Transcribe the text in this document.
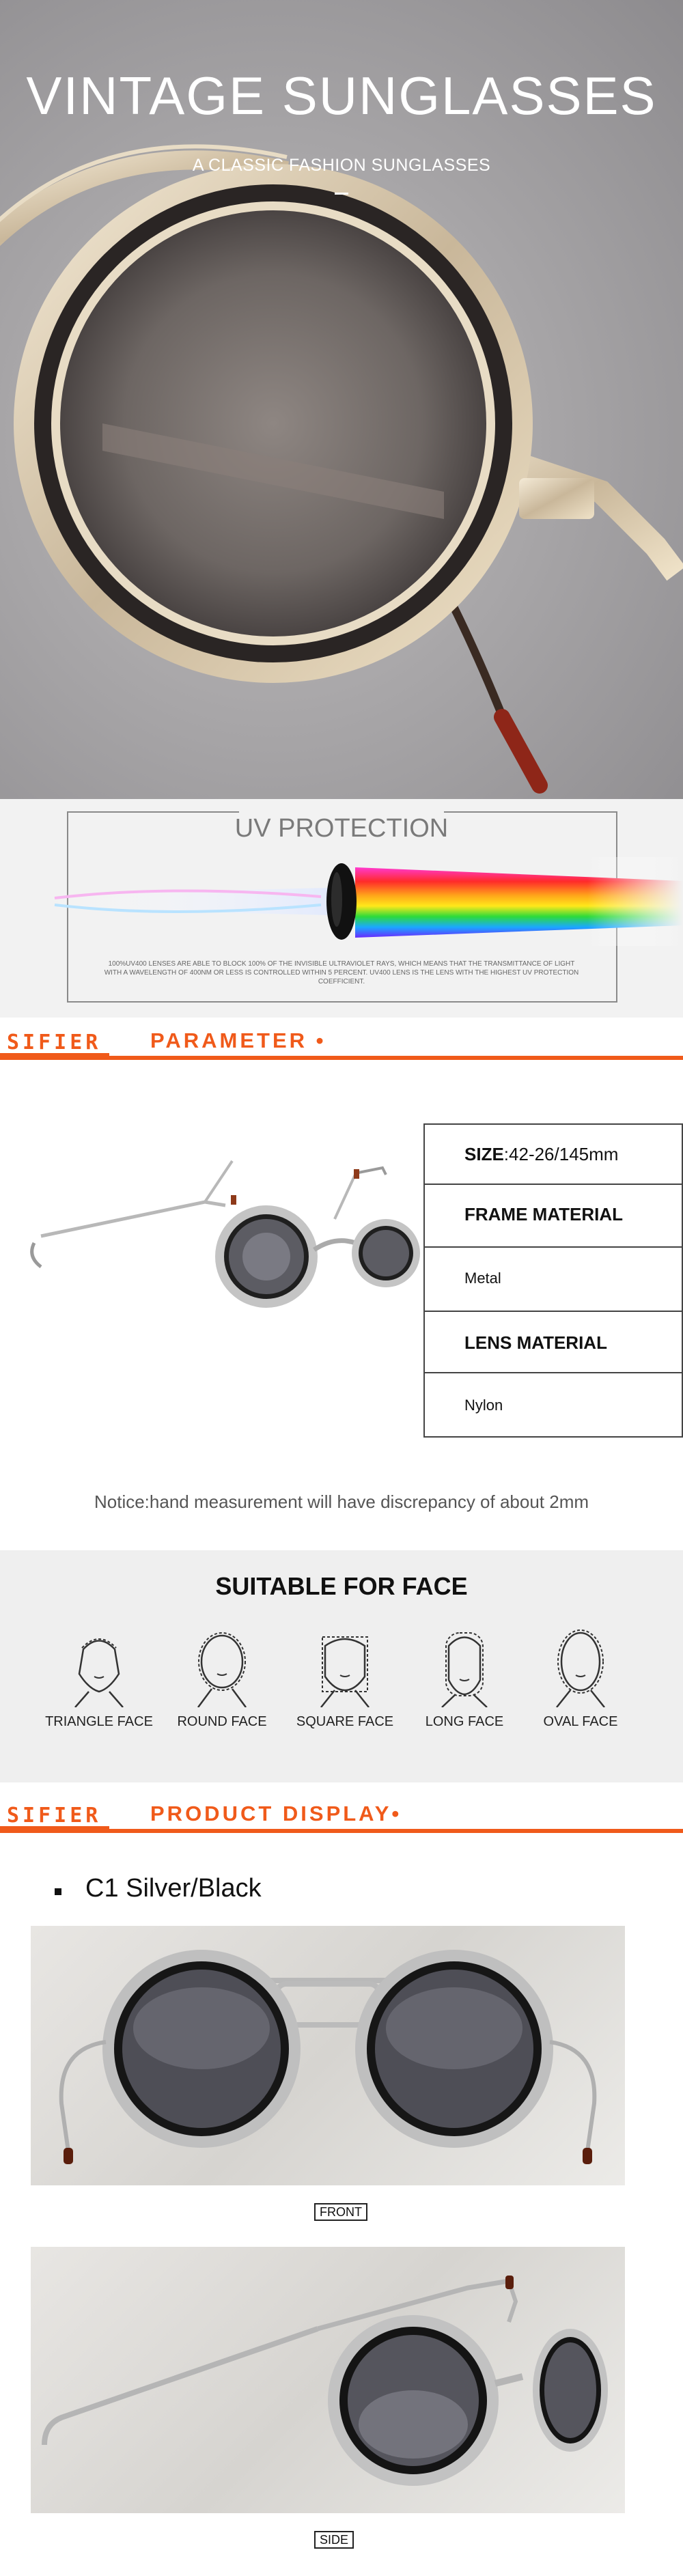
VINTAGE SUNGLASSES
A CLASSIC FASHION SUNGLASSES
UV PROTECTION
100%UV400 LENSES ARE ABLE TO BLOCK 100% OF THE INVISIBLE ULTRAVIOLET RAYS, WHICH MEANS THAT THE TRANSMITTANCE OF LIGHT WITH A WAVELENGTH OF 400NM OR LESS IS CONTROLLED WITHIN 5 PERCENT. UV400 LENS IS THE LENS WITH THE HIGHEST UV PROTECTION COEFFICIENT.
SIFIER PARAMETER •
SIZE:42-26/145mm
FRAME MATERIAL
Metal
LENS MATERIAL
Nylon
Notice:hand measurement will have discrepancy of about 2mm
SUITABLE FOR FACE
TRIANGLE FACE	ROUND FACE	SQUARE FACE	LONG FACE	OVAL FACE
SIFIER PRODUCT DISPLAY•
C1 Silver/Black
FRONT
SIDE
